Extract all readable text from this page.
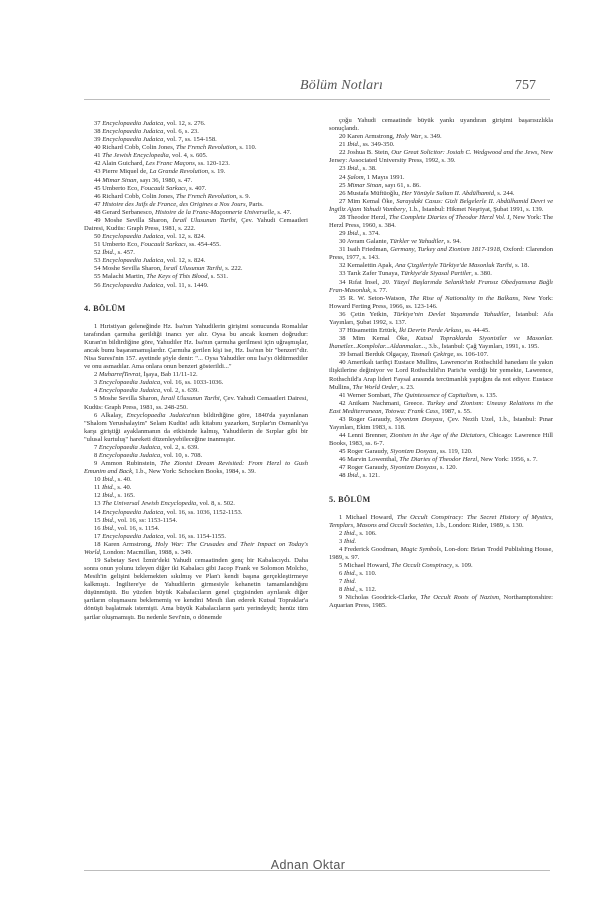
Bölüm Notları	757
37 Encyclopaedia Judaica, vol. 12, s. 276.
38 Encyclopaedia Judaica, vol. 6, s. 23.
39 Encyclopaedia Judaica, vol. 7, ss. 154-158.
40 Richard Cobb, Colin Jones, The French Revolution, s. 110.
41 The Jewish Encyclopedia, vol. 4, s. 605.
42 Alain Guichard, Les Franc Maçons, ss. 120-123.
43 Pierre Miquel de, La Grande Revolution, s. 19.
44 Mimar Sinan, sayı 36, 1980, s. 47.
45 Umberto Eco, Foucault Sarkacı, s. 407.
46 Richard Cobb, Colin Jones, The French Revolution, s. 9.
47 Histoire des Juifs de France, des Origines a Nos Jours, Paris.
48 Gerard Serbanesco, Histoire de la Franc-Maçonnerie Universelle, s. 47.
49 Moshe Sevilla Sharon, İsrail Ulusunun Tarihi, Çev. Yahudi Cemaatleri Dairesi, Kudüs: Graph Press, 1981, s. 222.
50 Encyclopaedia Judaica, vol. 12, s. 824.
51 Umberto Eco, Foucault Sarkacı, ss. 454-455.
52 İbid., s. 457.
53 Encyclopaedia Judaica, vol. 12, s. 824.
54 Moshe Sevilla Sharon, İsrail Ulusunun Tarihi, s. 222.
55 Malachi Martin, The Keys of This Blood, s. 531.
56 Encyclopaedia Judaica, vol. 11, s. 1449.
4. BÖLÜM
1 Hıristiyan geleneğinde Hz. İsa'nın Yahudilerin girişimi sonucunda Romalılar tarafından çarmıha gerildiği inancı yer alır. Oysa bu ancak kısmen doğrudur: Kuran'ın bildirdiğine göre, Yahudiler Hz. İsa'nın çarmıha gerilmesi için uğraşmışlar, ancak bunu başaramamışlardır. Çarmıha gerilen kişi ise, Hz. İsa'nın bir "benzeri"dir. Nisa Suresi'nin 157. ayetinde şöyle denir: "... Oysa Yahudiler onu İsa'yı öldürmediler ve onu asmadılar. Ama onlara onun benzeri gösterildi..."
2 MuharrefTevrat, İşaya, Bab 11/11-12.
3 Encyclopaedia Judaica, vol. 16, ss. 1033-1036.
4 Encyclopaedia Judaica, vol. 2, s. 639.
5 Moshe Sevilla Sharon, İsrail Ulusunun Tarihi, Çev. Yahudi Cemaatleri Dairesi, Kudüs: Graph Press, 1981, ss. 248-250.
6 Alkalay, Encyclopaedia Judaica'nın bildirdiğine göre, 1840'da yayınlanan "Shalom Yerushalayim" Selam Kudüs! adlı kitabını yazarken, Sırplar'ın Osmanlı'ya karşı giriştiği ayaklanmanın da etkisinde kalmış, Yahudilerin de Sırplar gibi bir "ulusal kurtuluş" hareketi düzenleyebileceğine inanmıştır.
7 Encyclopaedia Judaica, vol. 2, s. 639.
8 Encyclopaedia Judaica, vol. 10, s. 708.
9 Ammon Rubinstein, The Zionist Dream Revisited: From Herzl to Gush Emunim and Back, 1.b., New York: Schocken Books, 1984, s. 39.
10 Ibid., s. 40.
11 Ibid., s. 40.
12 Ibid., s. 165.
13 The Universal Jewish Encyclopedia, vol. 8, s. 502.
14 Encyclopaedia Judaica, vol. 16, ss. 1036, 1152-1153.
15 Ibid., vol. 16, ss: 1153-1154.
16 Ibid., vol. 16, s. 1154.
17 Encyclopaedia Judaica, vol. 16, ss. 1154-1155.
18 Karen Armstrong, Holy War: The Crusades and Their Impact on Today's World, London: Macmillan, 1988, s. 349.
19 Sabetay Sevi İzmir'deki Yahudi cemaatinden genç bir Kabalacıydı. Daha sonra onun yolunu izleyen diğer iki Kabalacı gibi Jacop Frank ve Solomon Molcho, Mesih'in gelişini beklemekten sıkılmış ve Plan'ı kendi başına gerçekleştirmeye kalkmıştı. İngiltere'ye de Yahudilerin girmesiyle kehanetin tamamlandığını düşünmüştü. Bu yüzden büyük Kabalacıların genel çizgisinden ayrılarak diğer şartların oluşmasını beklememiş ve kendini Mesih ilan ederek Kutsal Topraklar'a dönüşü başlatmak istemişti. Ama büyük Kabalacıların şartı yerindeydi; henüz tüm şartlar oluşmamıştı. Bu nedenle Sevi'nin, o dönemde
çoğu Yahudi cemaatinde büyük yankı uyandıran girişimi başarısızlıkla sonuçlandı.
20 Karen Armstrong, Holy War, s. 349.
21 Ibid., ss. 349-350.
22 Joshua B. Stein, Our Great Solicitor: Josiah C. Wedgwood and the Jews, New Jersey: Associated University Press, 1992, s. 39.
23 Ibid., s. 38.
24 Şalom, 1 Mayıs 1991.
25 Mimar Sinan, sayı 61, s. 86.
26 Mustafa Müftüoğlu, Her Yönüyle Sultan II. Abdülhamid, s. 244.
27 Mim Kemal Öke, Saraydaki Casus: Gizli Belgelerle II. Abdülhamid Devri ve İngiliz Ajanı Yahudi Vambery, 1.b., İstanbul: Hikmet Neşriyat, Şubat 1991, s. 139.
28 Theodor Herzl, The Complete Diaries of Theodor Herzl Vol. I, New York: The Herzl Press, 1960, s. 384.
29 Ibid., s. 374.
30 Avram Galante, Türkler ve Yahudiler, s. 94.
31 Isaih Friedman, Germany, Turkey and Zionism 1817-1918, Oxford: Clarendon Press, 1977, s. 143.
32 Kemalettin Apak, Ana Çizgileriyle Türkiye'de Masonluk Tarihi, s. 18.
33 Tarık Zafer Tunaya, Türkiye'de Siyasal Partiler, s. 380.
34 Rıfat İnsel, 20. Yüzyıl Başlarında Selanik'teki Fransız Obedyansına Bağlı Fran-Masonluk, s. 77.
35 R. W. Seton-Watson, The Rise of Nationality in the Balkans, New York: Howard Ferting Press, 1966, ss. 123-146.
36 Çetin Yetkin, Türkiye'nin Devlet Yaşamında Yahudiler, İstanbul: Afa Yayınları, Şubat 1992, s. 137.
37 Hüsamettin Ertürk, İki Devrin Perde Arkası, ss. 44-45.
38 Mim Kemal Öke, Kutsal Topraklarda Siyonistler ve Masonlar. İhanetler...Komplolar...Aldanmalar..., 3.b., İstanbul: Çağ Yayınları, 1991, s. 195.
39 İsmail Berduk Olgaçay, Tasmalı Çekirge, ss. 106-107.
40 Amerikalı tarihçi Eustace Mullins, Lawrence'ın Rothschild hanedanı ile yakın ilişkilerine değiniyor ve Lord Rothschild'ın Paris'te verdiği bir yemekte, Lawrence, Rothschild'a Arap lideri Faysal arasında tercümanlık yaptığını da not ediyor. Eustace Mullins, The World Order, s. 23.
41 Werner Sombart, The Quintessence of Capitalism, s. 135.
42 Anikam Nachmani, Greece. Turkey and Zionism: Uneasy Relations in the East Mediterranean, Totowa: Frank Cass, 1987, s. 55.
43 Roger Garaudy, Siyonizm Dosyası, Çev. Nezih Uzel, 1.b., İstanbul: Pınar Yayınları, Ekim 1983, s. 118.
44 Lenni Brenner, Zionism in the Age of the Dictators, Chicago: Lawrence Hill Books, 1983, ss. 6-7.
45 Roger Garaudy, Siyonizm Dosyası, ss. 119, 120.
46 Marvin Lowenthal, The Diaries of Theodor Herzl, New York: 1956, s. 7.
47 Roger Garaudy, Siyonizm Dosyası, s. 120.
48 Ibid., s. 121.
5. BÖLÜM
1 Michael Howard, The Occult Conspiracy: The Secret History of Mystics, Templars, Masons and Occult Societies, 1.b., London: Rider, 1989, s. 130.
2 Ibid., s. 106.
3 Ibid.
4 Frederick Goodman, Magic Symbols, Lon-don: Brian Trodd Publishing House, 1989, s. 97.
5 Michael Howard, The Occult Conspiracy, s. 109.
6 Ibid., s. 110.
7 Ibid.
8 Ibid., s. 112.
9 Nicholas Goodrick-Clarke, The Occult Roots of Nazism, Northamptonshire: Aquarian Press, 1985.
Adnan Oktar
